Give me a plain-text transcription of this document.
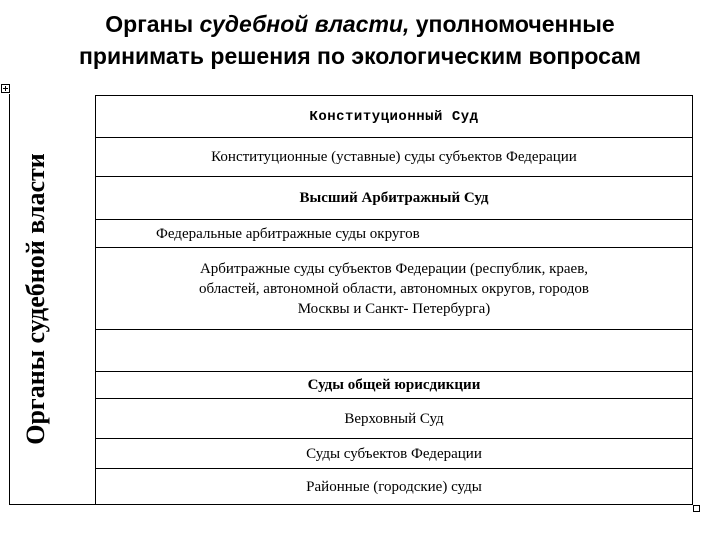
Органы судебной власти, уполномоченные
принимать решения по экологическим вопросам
Органы судебной власти
Конституционный Суд
Конституционные (уставные) суды субъектов Федерации
Высший Арбитражный Суд
Федеральные арбитражные суды округов
Арбитражные суды субъектов Федерации (республик, краев,
областей, автономной области, автономных округов, городов
Москвы и Санкт- Петербурга)
Суды общей юрисдикции
Верховный Суд
Суды субъектов Федерации
Районные (городские) суды
